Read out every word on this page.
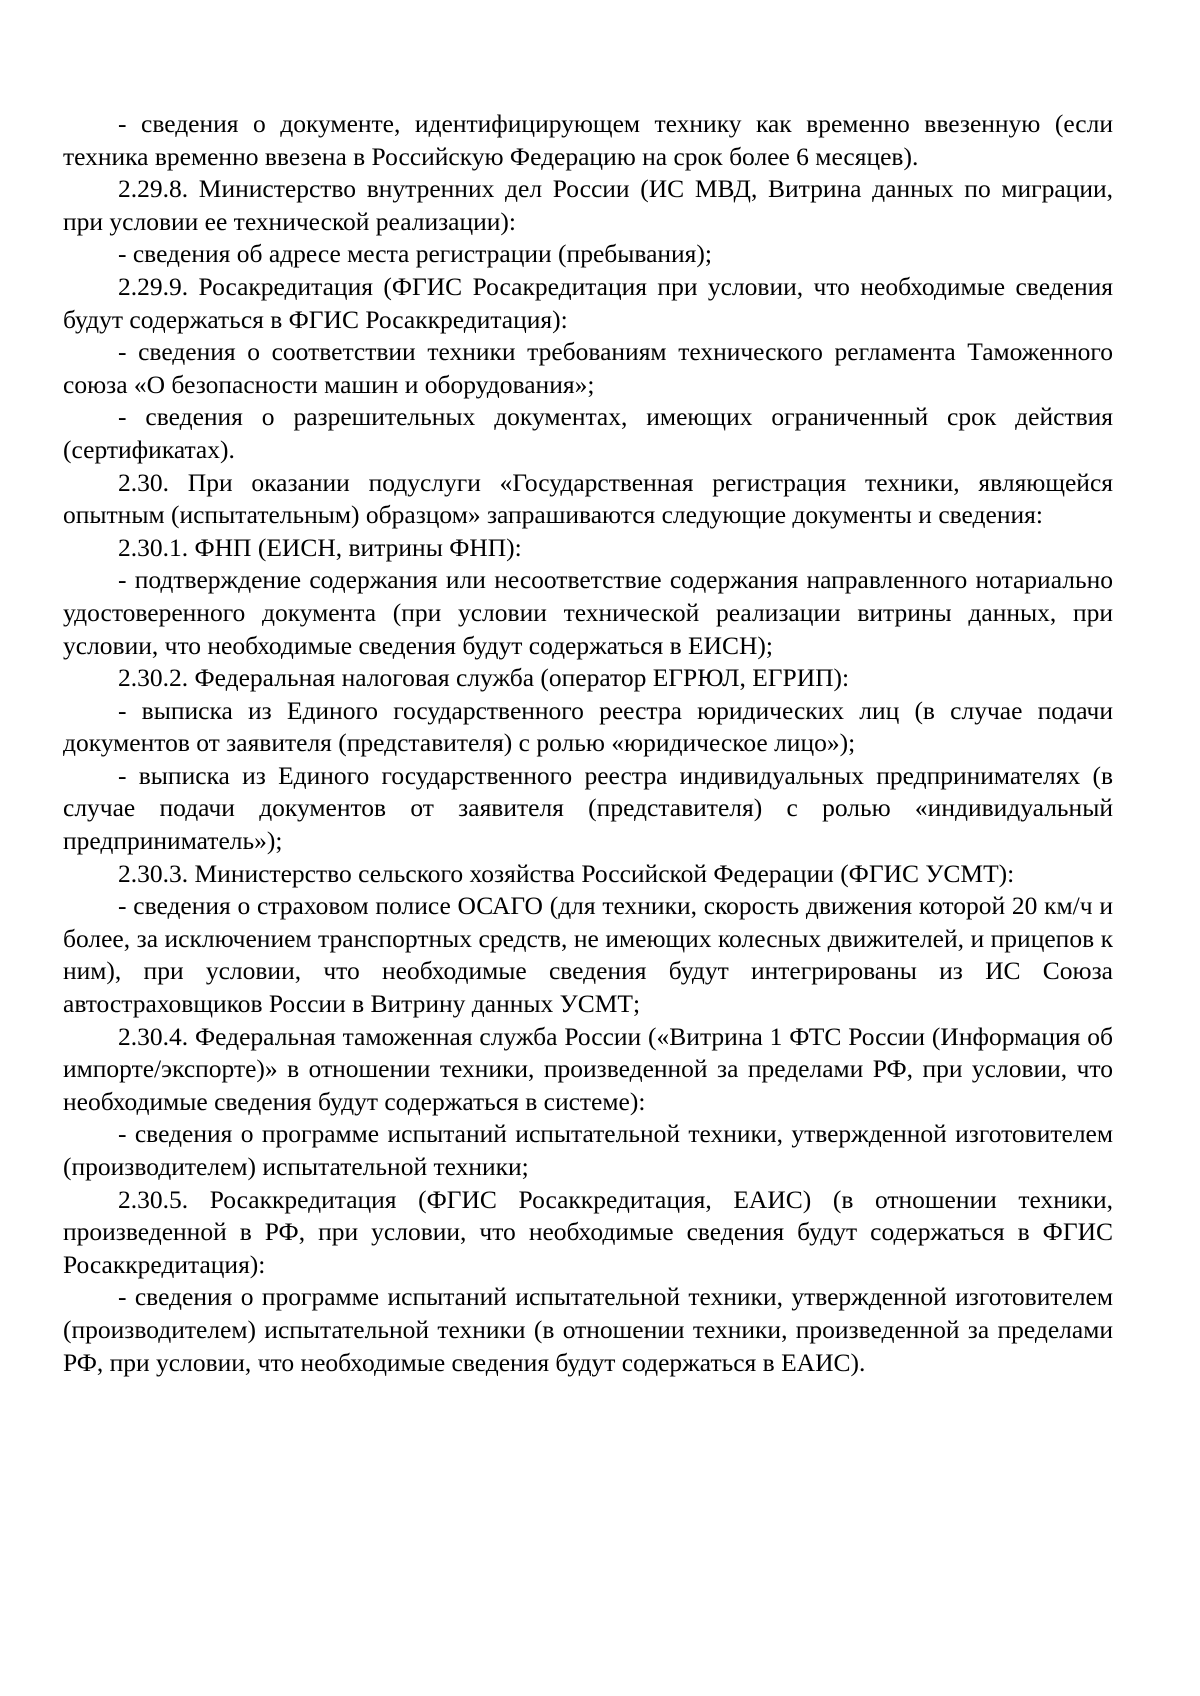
- сведения о документе, идентифицирующем технику как временно ввезенную (если техника временно ввезена в Российскую Федерацию на срок более 6 месяцев).

2.29.8. Министерство внутренних дел России (ИС МВД, Витрина данных по миграции, при условии ее технической реализации):

- сведения об адресе места регистрации (пребывания);

2.29.9. Росакредитация (ФГИС Росакредитация при условии, что необходимые сведения будут содержаться в ФГИС Росаккредитация):

- сведения о соответствии техники требованиям технического регламента Таможенного союза «О безопасности машин и оборудования»;

- сведения о разрешительных документах, имеющих ограниченный срок действия (сертификатах).

2.30. При оказании подуслуги «Государственная регистрация техники, являющейся опытным (испытательным) образцом» запрашиваются следующие документы и сведения:

2.30.1. ФНП (ЕИСН, витрины ФНП):

- подтверждение содержания или несоответствие содержания направленного нотариально удостоверенного документа (при условии технической реализации витрины данных, при условии, что необходимые сведения будут содержаться в ЕИСН);

2.30.2. Федеральная налоговая служба (оператор ЕГРЮЛ, ЕГРИП):

- выписка из Единого государственного реестра юридических лиц (в случае подачи документов от заявителя (представителя) с ролью «юридическое лицо»);

- выписка из Единого государственного реестра индивидуальных предпринимателях (в случае подачи документов от заявителя (представителя) с ролью «индивидуальный предприниматель»);

2.30.3. Министерство сельского хозяйства Российской Федерации (ФГИС УСМТ):

- сведения о страховом полисе ОСАГО (для техники, скорость движения которой 20 км/ч и более, за исключением транспортных средств, не имеющих колесных движителей, и прицепов к ним), при условии, что необходимые сведения будут интегрированы из ИС Союза автостраховщиков России в Витрину данных УСМТ;

2.30.4. Федеральная таможенная служба России («Витрина 1 ФТС России (Информация об импорте/экспорте)» в отношении техники, произведенной за пределами РФ, при условии, что необходимые сведения будут содержаться в системе):

- сведения о программе испытаний испытательной техники, утвержденной изготовителем (производителем) испытательной техники;

2.30.5. Росаккредитация (ФГИС Росаккредитация, ЕАИС) (в отношении техники, произведенной в РФ, при условии, что необходимые сведения будут содержаться в ФГИС Росаккредитация):

- сведения о программе испытаний испытательной техники, утвержденной изготовителем (производителем) испытательной техники (в отношении техники, произведенной за пределами РФ, при условии, что необходимые сведения будут содержаться в ЕАИС).
